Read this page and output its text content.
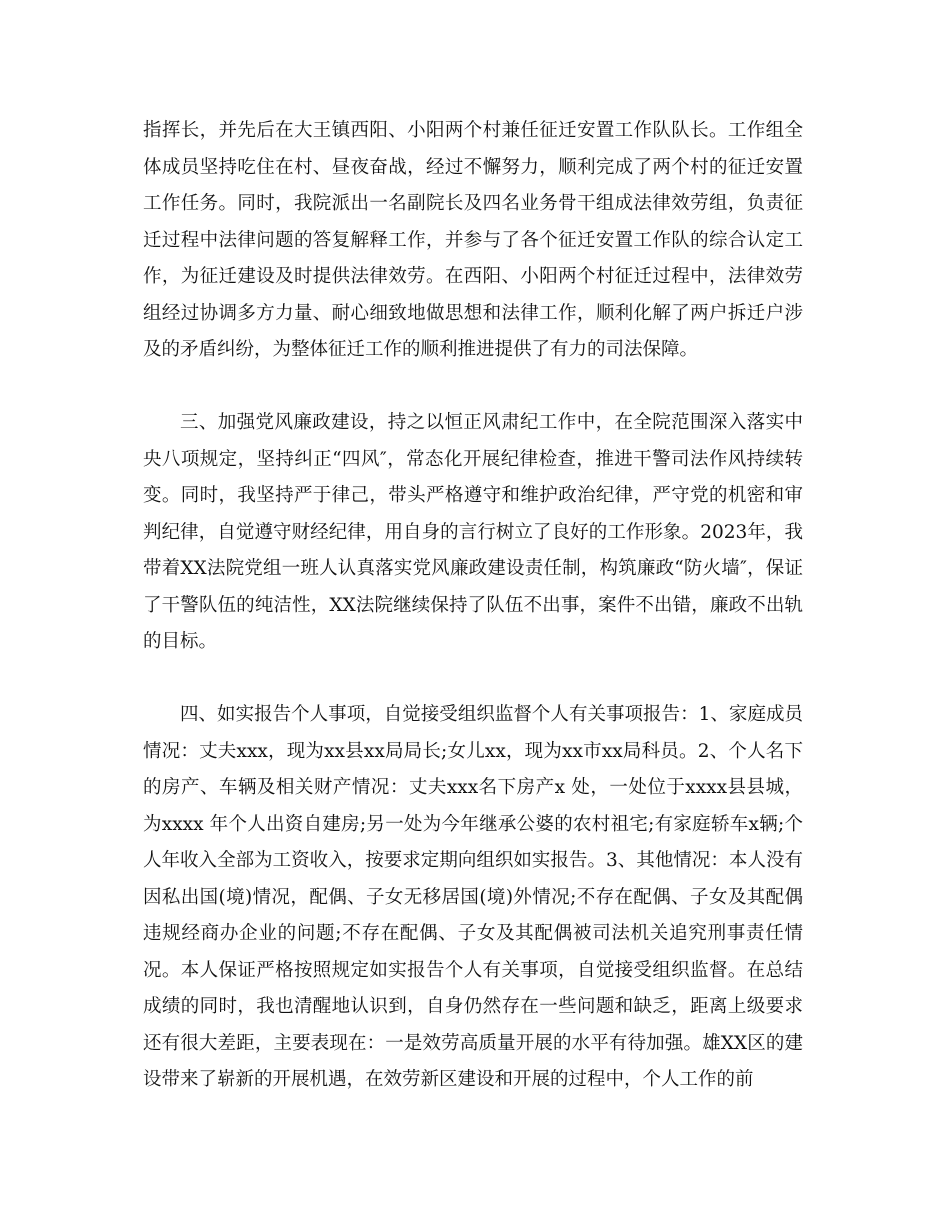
指挥长，并先后在大王镇西阳、小阳两个村兼任征迁安置工作队队长。工作组全体成员坚持吃住在村、昼夜奋战，经过不懈努力，顺利完成了两个村的征迁安置工作任务。同时，我院派出一名副院长及四名业务骨干组成法律效劳组，负责征迁过程中法律问题的答复解释工作，并参与了各个征迁安置工作队的综合认定工作，为征迁建设及时提供法律效劳。在西阳、小阳两个村征迁过程中，法律效劳组经过协调多方力量、耐心细致地做思想和法律工作，顺利化解了两户拆迁户涉及的矛盾纠纷，为整体征迁工作的顺利推进提供了有力的司法保障。

三、加强党风廉政建设，持之以恒正风肃纪工作中，在全院范围深入落实中央八项规定，坚持纠正“四风″，常态化开展纪律检查，推进干警司法作风持续转变。同时，我坚持严于律己，带头严格遵守和维护政治纪律，严守党的机密和审判纪律，自觉遵守财经纪律，用自身的言行树立了良好的工作形象。2023年，我带着XX法院党组一班人认真落实党风廉政建设责任制，构筑廉政“防火墙″，保证了干警队伍的纯洁性，XX法院继续保持了队伍不出事，案件不出错，廉政不出轨的目标。

四、如实报告个人事项，自觉接受组织监督个人有关事项报告：1、家庭成员情况：丈夫xxx，现为xx县xx局局长;女儿xx，现为xx市xx局科员。2、个人名下的房产、车辆及相关财产情况：丈夫xxx名下房产x 处，一处位于xxxx县县城，为xxxx 年个人出资自建房;另一处为今年继承公婆的农村祖宅;有家庭轿车x辆;个人年收入全部为工资收入，按要求定期向组织如实报告。3、其他情况：本人没有因私出国(境)情况，配偶、子女无移居国(境)外情况;不存在配偶、子女及其配偶违规经商办企业的问题;不存在配偶、子女及其配偶被司法机关追究刑事责任情况。本人保证严格按照规定如实报告个人有关事项，自觉接受组织监督。在总结成绩的同时，我也清醒地认识到，自身仍然存在一些问题和缺乏，距离上级要求还有很大差距，主要表现在：一是效劳高质量开展的水平有待加强。雄XX区的建设带来了崭新的开展机遇，在效劳新区建设和开展的过程中，个人工作的前
